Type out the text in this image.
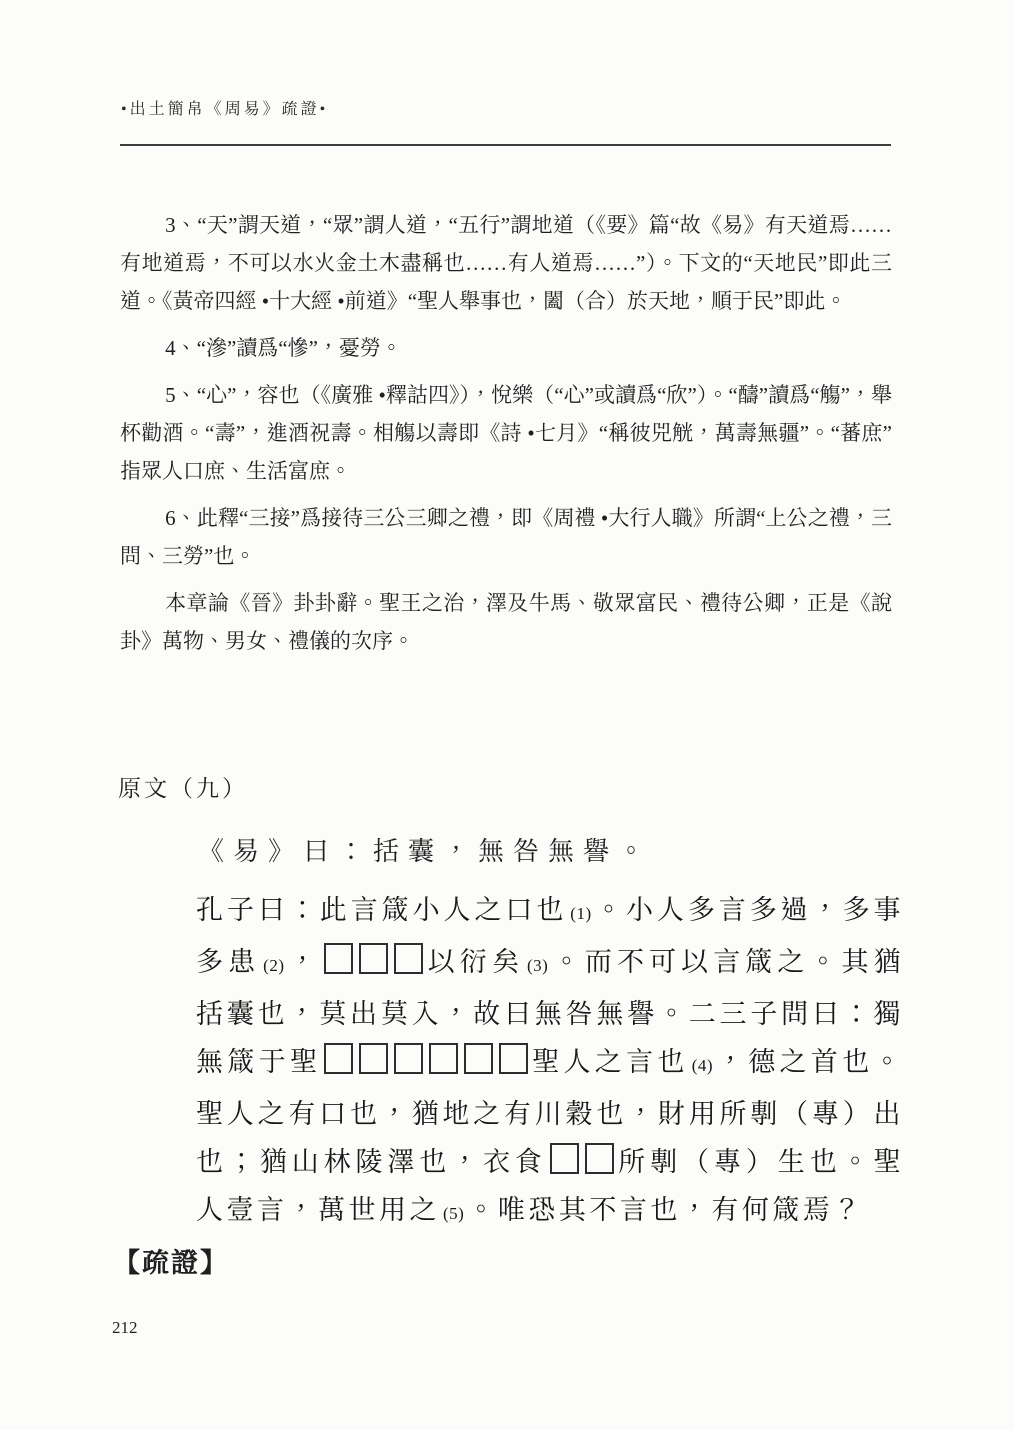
•出土簡帛《周易》疏證•

3、“天”謂天道，“眾”謂人道，“五行”謂地道（《要》篇“故《易》有天道焉……有地道焉，不可以水火金土木盡稱也……有人道焉……”）。下文的“天地民”即此三道。《黃帝四經 •十大經 •前道》“聖人舉事也，闔（合）於天地，順于民”即此。

4、“滲”讀爲“慘”，憂勞。

5、“心”，容也（《廣雅 •釋詁四》），悅樂（“心”或讀爲“欣”）。“醻”讀爲“觴”，舉杯勸酒。“壽”，進酒祝壽。相觴以壽即《詩 •七月》“稱彼兕觥，萬壽無疆”。“蕃庶”指眾人口庶、生活富庶。

6、此釋“三接”爲接待三公三卿之禮，即《周禮 •大行人職》所謂“上公之禮，三問、三勞”也。

本章論《晉》卦卦辭。聖王之治，澤及牛馬、敬眾富民、禮待公卿，正是《說卦》萬物、男女、禮儀的次序。

原文（九）

《易》曰：括囊，無咎無譽。

孔子曰：此言箴小人之口也 (1) 。小人多言多過，多事多患 (2) ，	以衍矣 (3) 。而不可以言箴之。其猶括囊也，莫出莫入，故曰無咎無譽。二三子問曰：獨無箴于聖	聖人之言也 (4) ，德之首也。聖人之有口也，猶地之有川穀也，財用所剸（專）出也；猶山林陵澤也，衣食	所剸（專）生也。聖人壹言，萬世用之 (5) 。唯恐其不言也，有何箴焉？

【疏證】
212
